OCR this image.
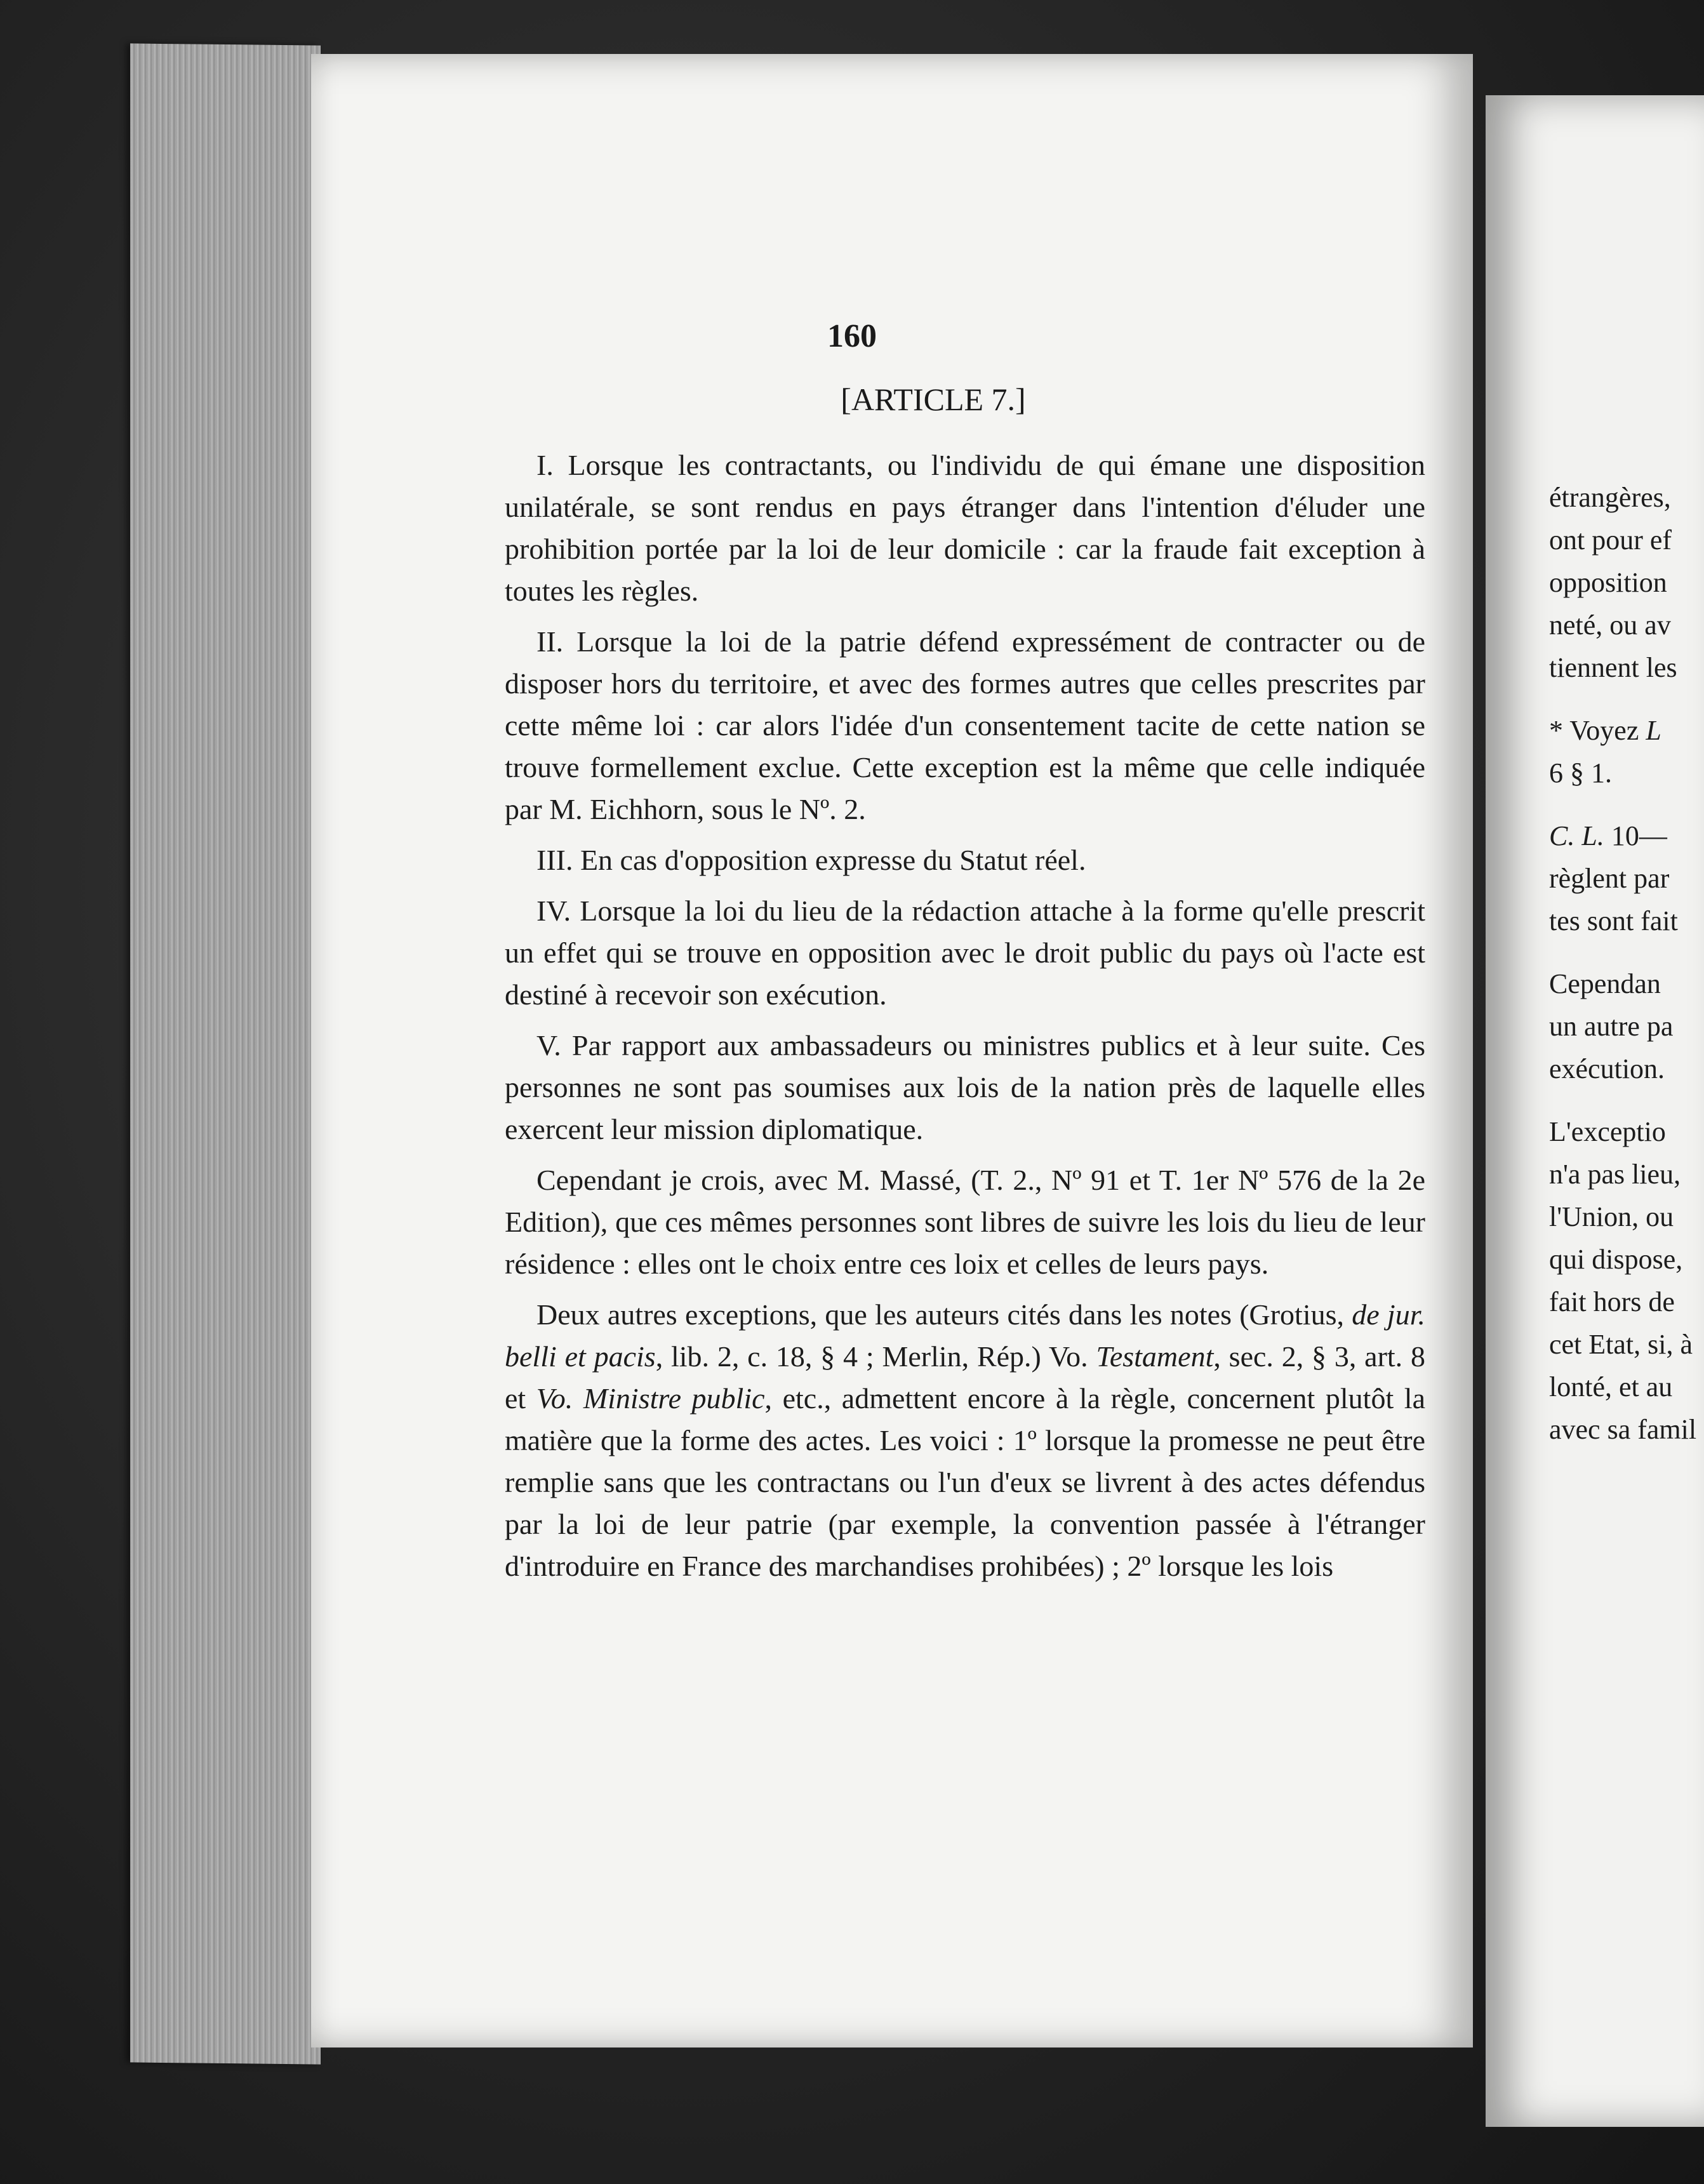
160
[ARTICLE 7.]

I. Lorsque les contractants, ou l'individu de qui émane une disposition unilatérale, se sont rendus en pays étranger dans l'intention d'éluder une prohibition portée par la loi de leur domicile : car la fraude fait exception à toutes les règles.

II. Lorsque la loi de la patrie défend expressément de contracter ou de disposer hors du territoire, et avec des formes autres que celles prescrites par cette même loi : car alors l'idée d'un consentement tacite de cette nation se trouve formellement exclue. Cette exception est la même que celle indiquée par M. Eichhorn, sous le Nº. 2.

III. En cas d'opposition expresse du Statut réel.

IV. Lorsque la loi du lieu de la rédaction attache à la forme qu'elle prescrit un effet qui se trouve en opposition avec le droit public du pays où l'acte est destiné à recevoir son exécution.

V. Par rapport aux ambassadeurs ou ministres publics et à leur suite. Ces personnes ne sont pas soumises aux lois de la nation près de laquelle elles exercent leur mission diplomatique.

Cependant je crois, avec M. Massé, (T. 2., Nº 91 et T. 1er Nº 576 de la 2e Edition), que ces mêmes personnes sont libres de suivre les lois du lieu de leur résidence : elles ont le choix entre ces loix et celles de leurs pays.

Deux autres exceptions, que les auteurs cités dans les notes (Grotius, de jur. belli et pacis, lib. 2, c. 18, § 4 ; Merlin, Rép.) Vo. Testament, sec. 2, § 3, art. 8 et Vo. Ministre public, etc., admettent encore à la règle, concernent plutôt la matière que la forme des actes. Les voici : 1º lorsque la promesse ne peut être remplie sans que les contractans ou l'un d'eux se livrent à des actes défendus par la loi de leur patrie (par exemple, la convention passée à l'étranger d'introduire en France des marchandises prohibées) ; 2º lorsque les lois

étrangères,
ont pour ef
opposition
neté, ou av
tiennent les
* Voyez L
6 § 1.
C. L. 10—
règlent par
tes sont fait
Cependan
un autre pa
exécution.
L'exceptio
n'a pas lieu,
l'Union, ou
qui dispose,
fait hors de
cet Etat, si, à
lonté, et au
avec sa famil
